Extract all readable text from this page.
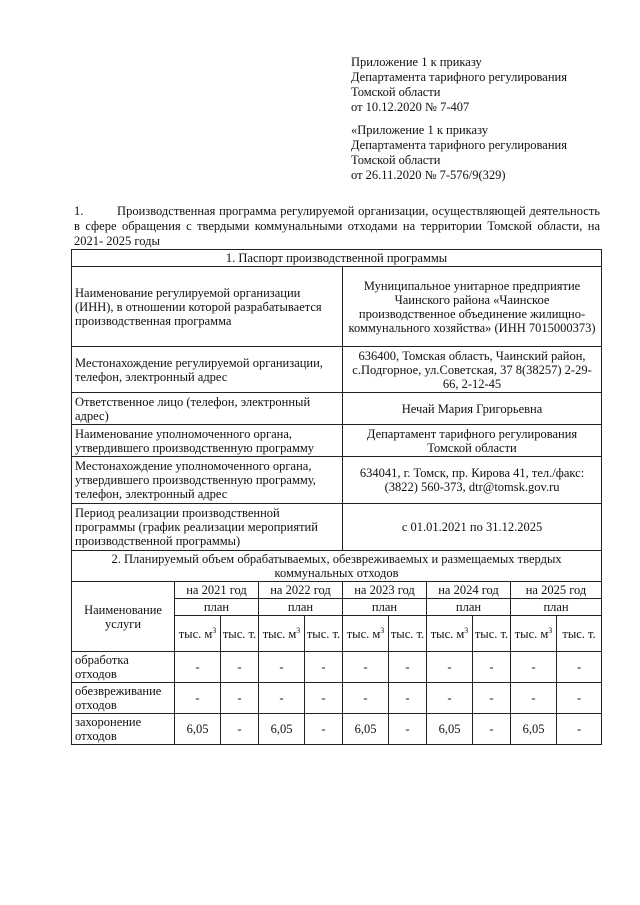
Приложение 1 к приказу
Департамента тарифного регулирования
Томской области
от 10.12.2020 № 7-407
«Приложение 1 к приказу
Департамента тарифного регулирования
Томской области
от 26.11.2020 № 7-576/9(329)
1.         Производственная программа регулируемой организации, осуществляющей деятельность в сфере обращения с твердыми коммунальными отходами на территории Томской области, на 2021- 2025 годы
1. Паспорт производственной программы										
Наименование регулируемой организации (ИНН), в отношении которой разрабатывается производственная программа					Муниципальное унитарное предприятие Чаинского района «Чаинское производственное объединение жилищно-коммунального хозяйства» (ИНН 7015000373)					
Местонахождение регулируемой организации, телефон, электронный адрес					636400, Томская область, Чаинский район, с.Подгорное, ул.Советская, 37 8(38257) 2-29-66, 2-12-45					
Ответственное лицо (телефон, электронный адрес)					Нечай Мария Григорьевна					
Наименование уполномоченного органа, утвердившего производственную программу					Департамент тарифного регулирования Томской области					
Местонахождение уполномоченного органа, утвердившего производственную программу, телефон, электронный адрес					634041, г. Томск, пр. Кирова 41, тел./факс: (3822) 560-373, dtr@tomsk.gov.ru					
Период реализации производственной программы (график реализации мероприятий производственной программы)					с 01.01.2021 по 31.12.2025					
2. Планируемый объем обрабатываемых, обезвреживаемых и размещаемых твердых коммунальных отходов										
Наименование услуги	на 2021 год		на 2022 год		на 2023 год		на 2024 год		на 2025 год	
	план		план		план		план		план	
	тыс. $м^3$	тыс. т.	тыс. $м^3$	тыс. т.	тыс. $м^3$	тыс. т.	тыс. $м^3$	тыс. т.	тыс. $м^3$	тыс. т.
обработка отходов	-	-	-	-	-	-	-	-	-	-
обезвреживание отходов	-	-	-	-	-	-	-	-	-	-
захоронение отходов	6,05	-	6,05	-	6,05	-	6,05	-	6,05	-
